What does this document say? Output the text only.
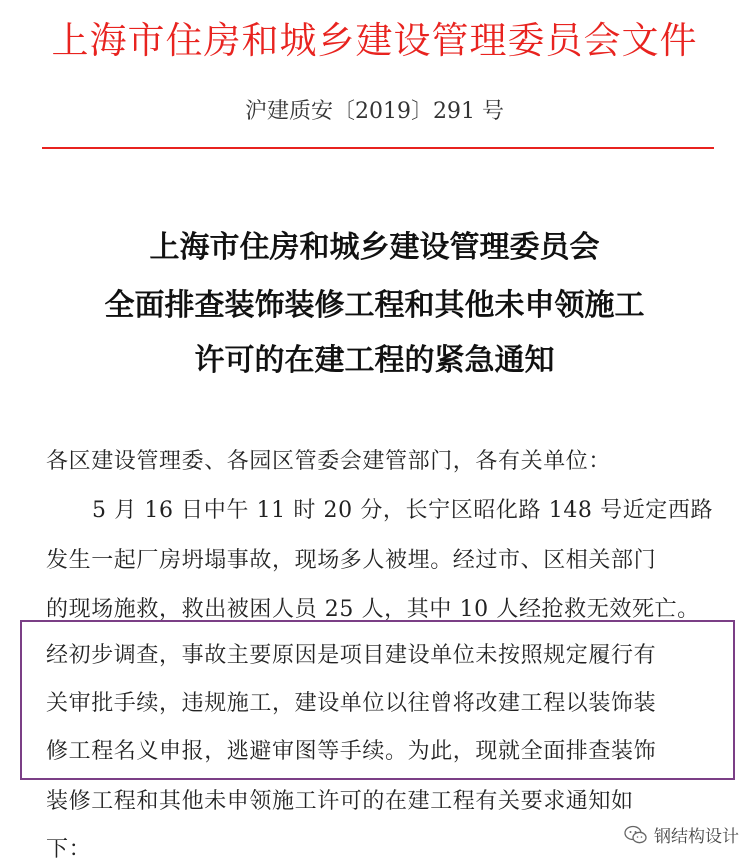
上海市住房和城乡建设管理委员会文件
沪建质安〔2019〕291 号
上海市住房和城乡建设管理委员会
全面排查装饰装修工程和其他未申领施工
许可的在建工程的紧急通知
各区建设管理委、各园区管委会建管部门，各有关单位：
5 月 16 日中午 11 时 20 分，长宁区昭化路 148 号近定西路
发生一起厂房坍塌事故，现场多人被埋。经过市、区相关部门
的现场施救，救出被困人员 25 人，其中 10 人经抢救无效死亡。
经初步调查，事故主要原因是项目建设单位未按照规定履行有
关审批手续，违规施工，建设单位以往曾将改建工程以装饰装
修工程名义申报，逃避审图等手续。为此，现就全面排查装饰
装修工程和其他未申领施工许可的在建工程有关要求通知如
下：	钢结构设计
